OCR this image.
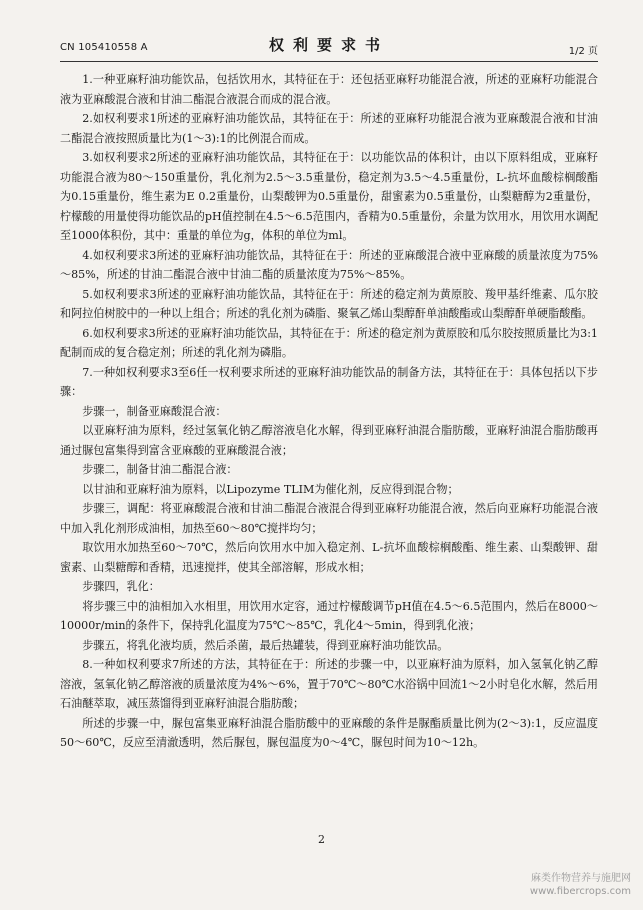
CN 105410558 A	权利要求书	1/2 页

1.一种亚麻籽油功能饮品，包括饮用水，其特征在于：还包括亚麻籽功能混合液，所述的亚麻籽功能混合液为亚麻酸混合液和甘油二酯混合液混合而成的混合液。

2.如权利要求1所述的亚麻籽油功能饮品，其特征在于：所述的亚麻籽功能混合液为亚麻酸混合液和甘油二酯混合液按照质量比为(1～3):1的比例混合而成。

3.如权利要求2所述的亚麻籽油功能饮品，其特征在于：以功能饮品的体积计，由以下原料组成，亚麻籽功能混合液为80～150重量份，乳化剂为2.5～3.5重量份，稳定剂为3.5～4.5重量份，L-抗坏血酸棕榈酸酯为0.15重量份，维生素为E 0.2重量份，山梨酸钾为0.5重量份，甜蜜素为0.5重量份，山梨糖醇为2重量份，柠檬酸的用量使得功能饮品的pH值控制在4.5～6.5范围内，香精为0.5重量份，余量为饮用水，用饮用水调配至1000体积份，其中：重量的单位为g，体积的单位为ml。

4.如权利要求3所述的亚麻籽油功能饮品，其特征在于：所述的亚麻酸混合液中亚麻酸的质量浓度为75%～85%，所述的甘油二酯混合液中甘油二酯的质量浓度为75%～85%。

5.如权利要求3所述的亚麻籽油功能饮品，其特征在于：所述的稳定剂为黄原胶、羧甲基纤维素、瓜尔胶和阿拉伯树胶中的一种以上组合；所述的乳化剂为磷脂、聚氧乙烯山梨醇酐单油酸酯或山梨醇酐单硬脂酸酯。

6.如权利要求3所述的亚麻籽油功能饮品，其特征在于：所述的稳定剂为黄原胶和瓜尔胶按照质量比为3:1配制而成的复合稳定剂；所述的乳化剂为磷脂。

7.一种如权利要求3至6任一权利要求所述的亚麻籽油功能饮品的制备方法，其特征在于：具体包括以下步骤：

步骤一，制备亚麻酸混合液：

以亚麻籽油为原料，经过氢氧化钠乙醇溶液皂化水解，得到亚麻籽油混合脂肪酸，亚麻籽油混合脂肪酸再通过脲包富集得到富含亚麻酸的亚麻酸混合液；

步骤二，制备甘油二酯混合液：

以甘油和亚麻籽油为原料，以Lipozyme TLIM为催化剂，反应得到混合物；

步骤三，调配：将亚麻酸混合液和甘油二酯混合液混合得到亚麻籽功能混合液，然后向亚麻籽功能混合液中加入乳化剂形成油相，加热至60～80℃搅拌均匀；

取饮用水加热至60～70℃，然后向饮用水中加入稳定剂、L-抗坏血酸棕榈酸酯、维生素、山梨酸钾、甜蜜素、山梨糖醇和香精，迅速搅拌，使其全部溶解，形成水相；

步骤四，乳化：

将步骤三中的油相加入水相里，用饮用水定容，通过柠檬酸调节pH值在4.5～6.5范围内，然后在8000～10000r/min的条件下，保持乳化温度为75℃～85℃，乳化4～5min，得到乳化液；

步骤五，将乳化液均质，然后杀菌，最后热罐装，得到亚麻籽油功能饮品。

8.一种如权利要求7所述的方法，其特征在于：所述的步骤一中，以亚麻籽油为原料，加入氢氧化钠乙醇溶液，氢氧化钠乙醇溶液的质量浓度为4%～6%，置于70℃～80℃水浴锅中回流1～2小时皂化水解，然后用石油醚萃取，减压蒸馏得到亚麻籽油混合脂肪酸；

所述的步骤一中，脲包富集亚麻籽油混合脂肪酸中的亚麻酸的条件是脲酯质量比例为(2～3):1，反应温度50～60℃，反应至清澈透明，然后脲包，脲包温度为0～4℃，脲包时间为10～12h。

2
麻类作物营养与施肥网
www.fibercrops.com
